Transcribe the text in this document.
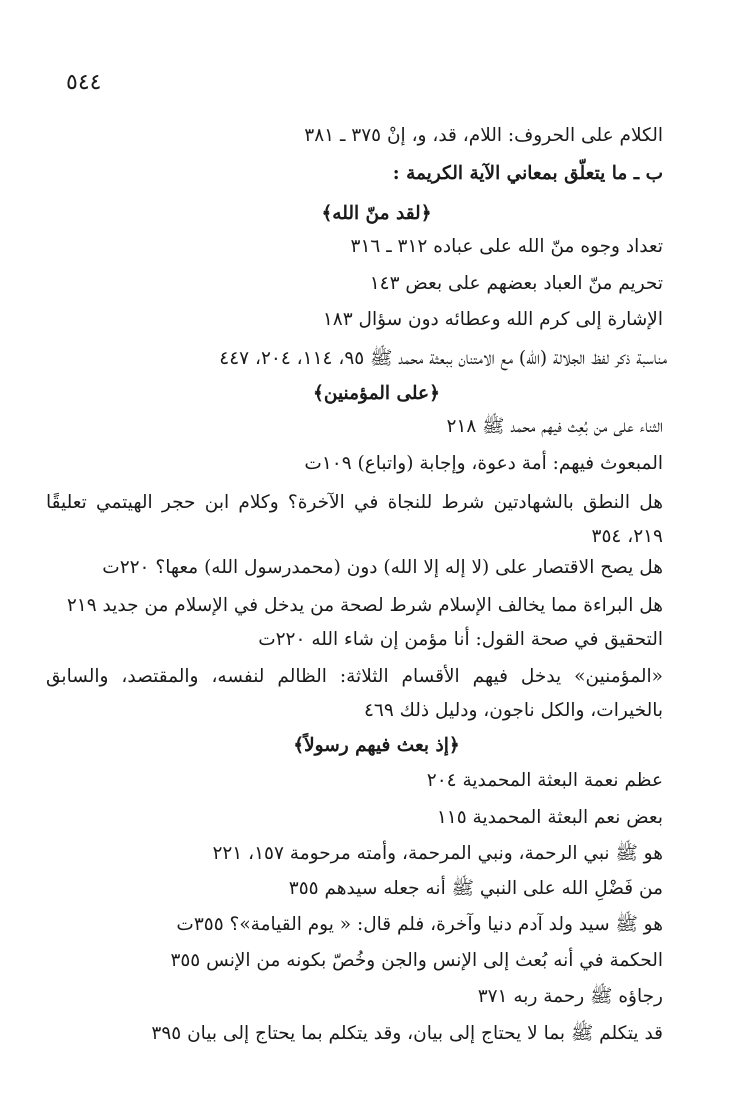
٥٤٤
الكلام على الحروف: اللام، قد، و، إنْ ٣٧٥ ـ ٣٨١
ب ـ ما يتعلّق بمعاني الآية الكريمة :
﴿لقد منّ الله﴾
تعداد وجوه منّ الله على عباده ٣١٢ ـ ٣١٦
تحريم منّ العباد بعضهم على بعض ١٤٣
الإشارة إلى كرم الله وعطائه دون سؤال ١٨٣
مناسبة ذكر لفظ الجلالة (الله) مع الامتنان ببعثة محمد ﷺ ٩٥، ١١٤، ٢٠٤، ٤٤٧
﴿على المؤمنين﴾
الثناء على من بُعِث فيهم محمد ﷺ ٢١٨
المبعوث فيهم: أمة دعوة، وإجابة (واتباع) ١٠٩ت
هل النطق بالشهادتين شرط للنجاة في الآخرة؟ وكلام ابن حجر الهيتمي تعليقًا ٢١٩، ٣٥٤
هل يصح الاقتصار على (لا إله إلا الله) دون (محمدرسول الله) معها؟ ٢٢٠ت
هل البراءة مما يخالف الإسلام شرط لصحة من يدخل في الإسلام من جديد ٢١٩
التحقيق في صحة القول: أنا مؤمن إن شاء الله ٢٢٠ت
«المؤمنين» يدخل فيهم الأقسام الثلاثة: الظالم لنفسه، والمقتصد، والسابق بالخيرات، والكل ناجون، ودليل ذلك ٤٦٩
﴿إذ بعث فيهم رسولاً﴾
عظم نعمة البعثة المحمدية ٢٠٤
بعض نعم البعثة المحمدية ١١٥
هو ﷺ نبي الرحمة، ونبي المرحمة، وأمته مرحومة ١٥٧، ٢٢١
من فَضْلِ الله على النبي ﷺ أنه جعله سيدهم ٣٥٥
هو ﷺ سيد ولد آدم دنيا وآخرة، فلم قال: « يوم القيامة»؟ ٣٥٥ت
الحكمة في أنه بُعث إلى الإنس والجن وخُصّ بكونه من الإنس ٣٥٥
رجاؤه ﷺ رحمة ربه ٣٧١
قد يتكلم ﷺ بما لا يحتاج إلى بيان، وقد يتكلم بما يحتاج إلى بيان ٣٩٥
